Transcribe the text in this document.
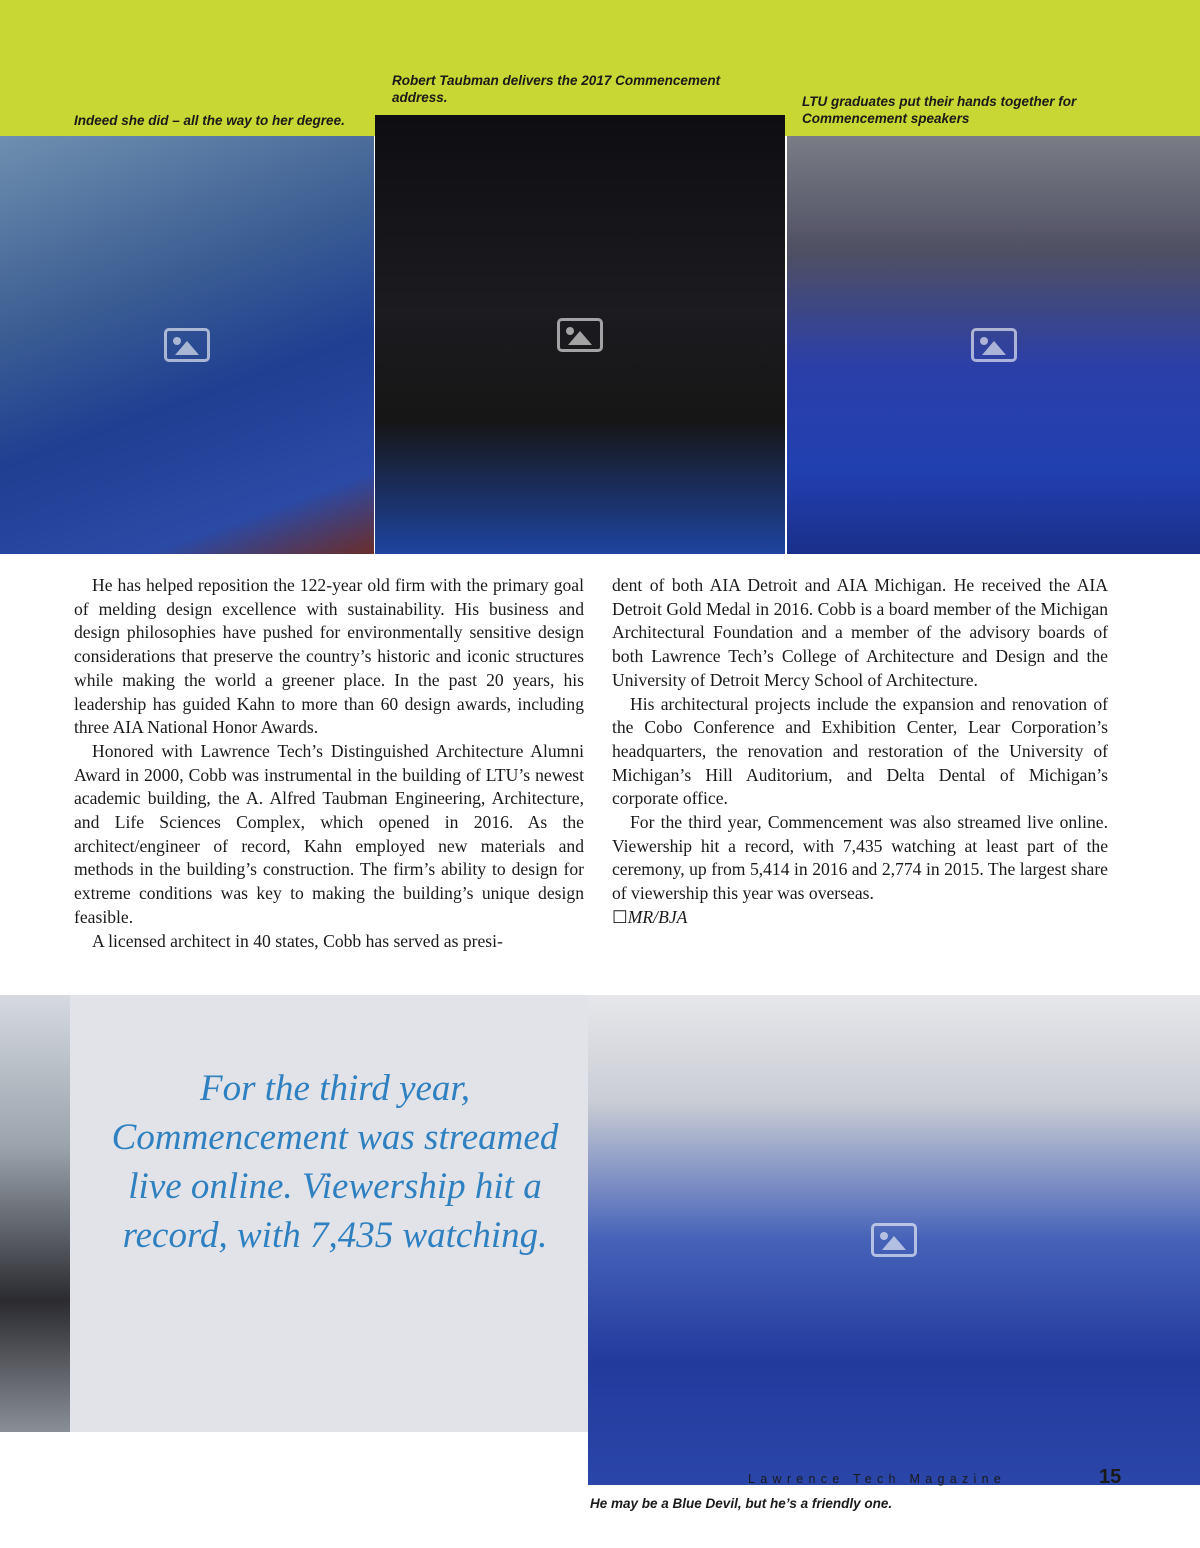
Indeed she did – all the way to her degree.
Robert Taubman delivers the 2017 Commencement address.	LTU graduates put their hands together for Commencement speakers

He has helped reposition the 122-year old firm with the primary goal of melding design excellence with sustainability. His business and design philosophies have pushed for environmentally sensitive design considerations that preserve the country’s historic and iconic structures while making the world a greener place. In the past 20 years, his leadership has guided Kahn to more than 60 design awards, including three AIA National Honor Awards.

Honored with Lawrence Tech’s Distinguished Architecture Alumni Award in 2000, Cobb was instrumental in the building of LTU’s newest academic building, the A. Alfred Taubman Engineering, Architecture, and Life Sciences Complex, which opened in 2016. As the architect/engineer of record, Kahn employed new materials and methods in the building’s construction. The firm’s ability to design for extreme conditions was key to making the building’s unique design feasible.

A licensed architect in 40 states, Cobb has served as presi-

dent of both AIA Detroit and AIA Michigan. He received the AIA Detroit Gold Medal in 2016. Cobb is a board member of the Michigan Architectural Foundation and a member of the advisory boards of both Lawrence Tech’s College of Architecture and Design and the University of Detroit Mercy School of Architecture.

His architectural projects include the expansion and renovation of the Cobo Conference and Exhibition Center, Lear Corporation’s headquarters, the renovation and restoration of the University of Michigan’s Hill Auditorium, and Delta Dental of Michigan’s corporate office.

For the third year, Commencement was also streamed live online. Viewership hit a record, with 7,435 watching at least part of the ceremony, up from 5,414 in 2016 and 2,774 in 2015. The largest share of viewership this year was overseas.

☐MR/BJA

For the third year, Commencement was streamed live online. Viewership hit a record, with 7,435 watching.
He may be a Blue Devil, but he’s a friendly one.
Lawrence Tech Magazine	15
